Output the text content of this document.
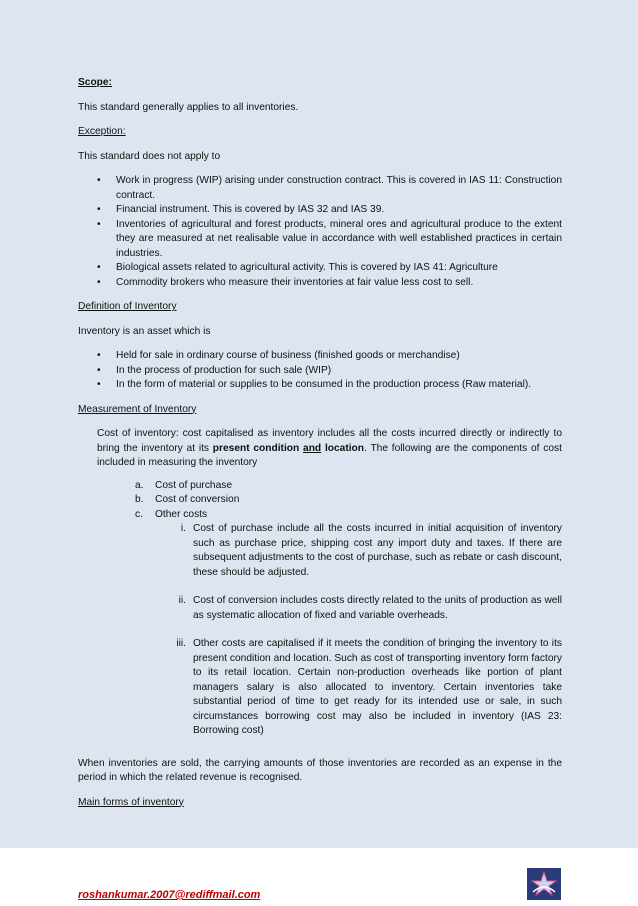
Scope:

This standard generally applies to all inventories.

Exception:

This standard does not apply to

• Work in progress (WIP) arising under construction contract. This is covered in IAS 11: Construction contract.
• Financial instrument. This is covered by IAS 32 and IAS 39.
• Inventories of agricultural and forest products, mineral ores and agricultural produce to the extent they are measured at net realisable value in accordance with well established practices in certain industries.
• Biological assets related to agricultural activity. This is covered by IAS 41: Agriculture
• Commodity brokers who measure their inventories at fair value less cost to sell.

Definition of Inventory

Inventory is an asset which is

• Held for sale in ordinary course of business (finished goods or merchandise)
• In the process of production for such sale (WIP)
• In the form of material or supplies to be consumed in the production process (Raw material).

Measurement of Inventory

Cost of inventory: cost capitalised as inventory includes all the costs incurred directly or indirectly to bring the inventory at its present condition and location. The following are the components of cost included in measuring the inventory
a. Cost of purchase
b. Cost of conversion
c. Other costs
i. Cost of purchase include all the costs incurred in initial acquisition of inventory such as purchase price, shipping cost any import duty and taxes. If there are subsequent adjustments to the cost of purchase, such as rebate or cash discount, these should be adjusted.
ii. Cost of conversion includes costs directly related to the units of production as well as systematic allocation of fixed and variable overheads.
iii. Other costs are capitalised if it meets the condition of bringing the inventory to its present condition and location. Such as cost of transporting inventory form factory to its retail location. Certain non-production overheads like portion of plant managers salary is also allocated to inventory. Certain inventories take substantial period of time to get ready for its intended use or sale, in such circumstances borrowing cost may also be included in inventory (IAS 23: Borrowing cost)

When inventories are sold, the carrying amounts of those inventories are recorded as an expense in the period in which the related revenue is recognised.

Main forms of inventory

roshankumar.2007@rediffmail.com
